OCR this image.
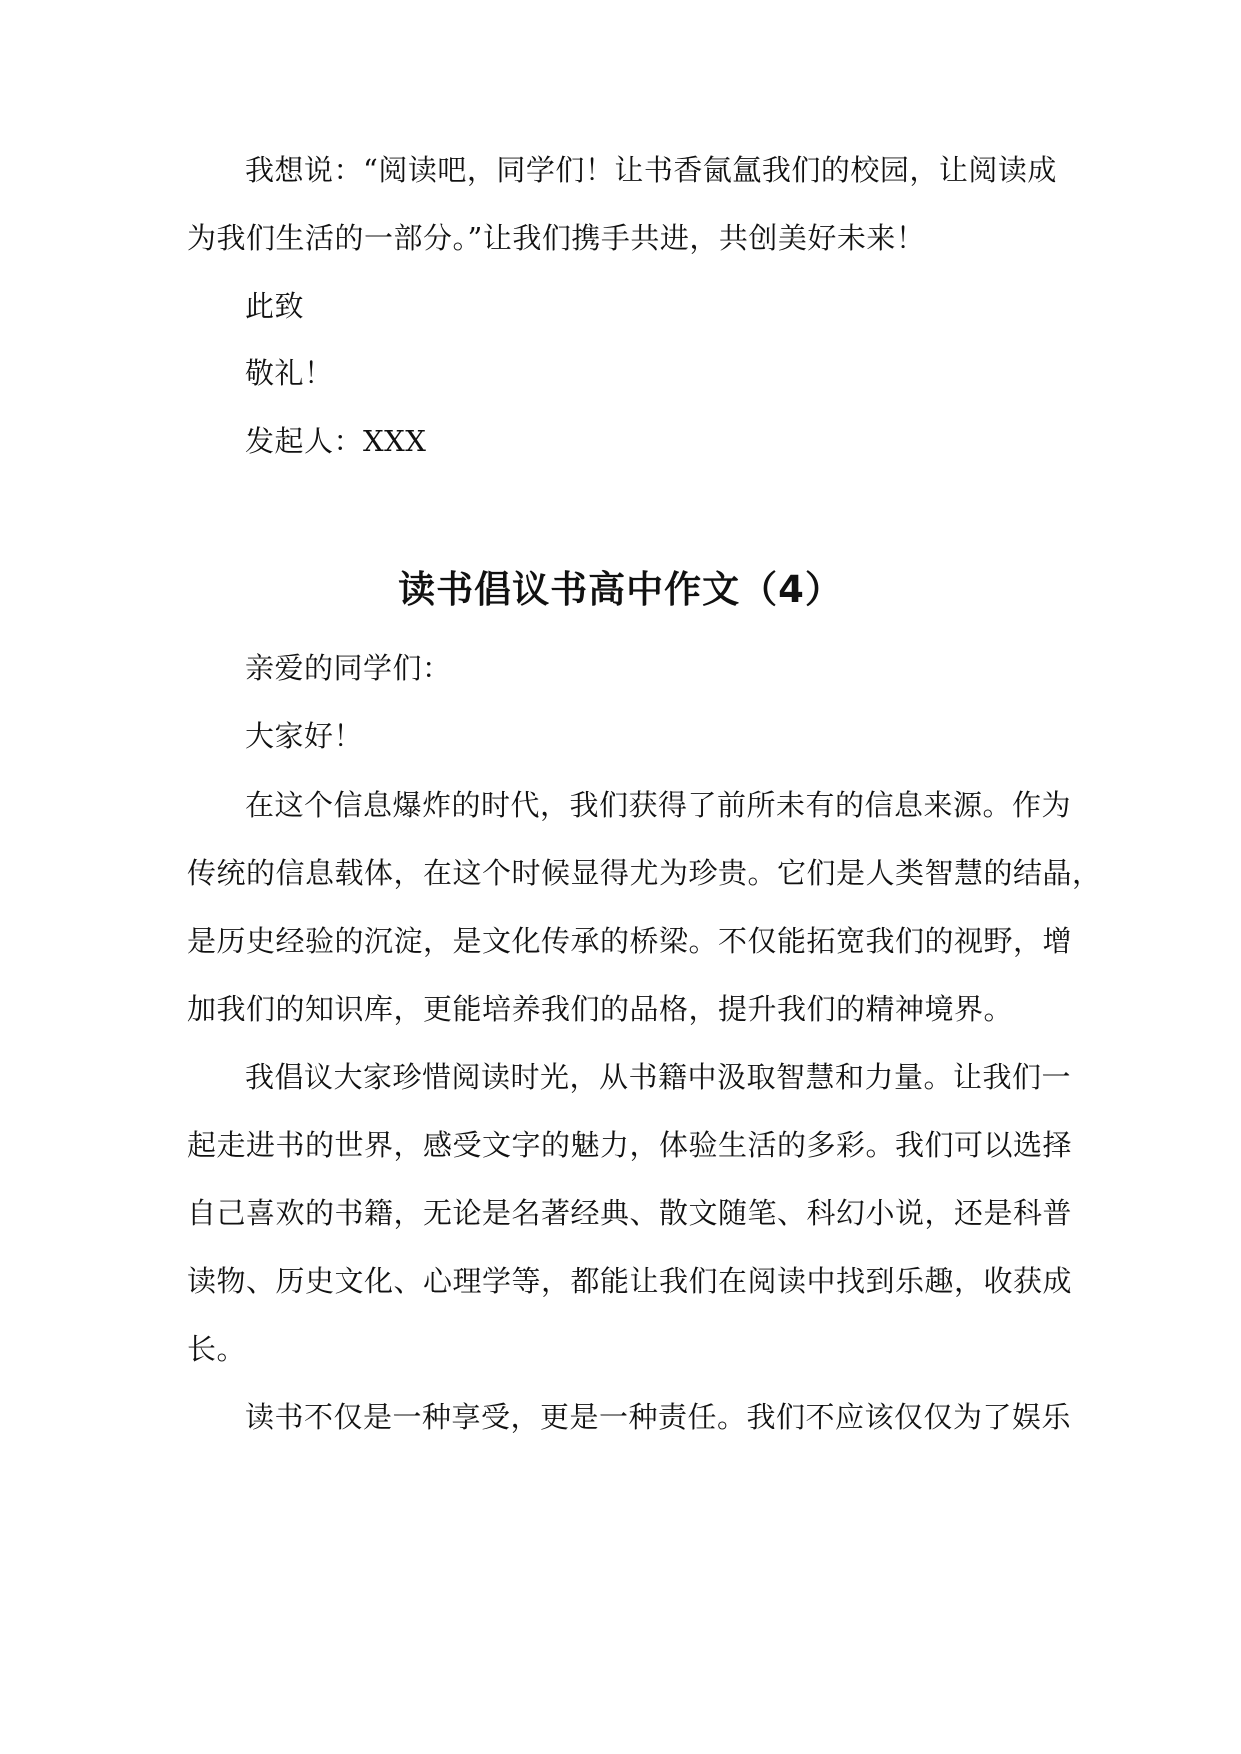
我想说：“阅读吧，同学们！让书香氤氲我们的校园，让阅读成
为我们生活的一部分。”让我们携手共进，共创美好未来！
此致
敬礼！
发起人：XXX
读书倡议书高中作文（4）
亲爱的同学们：
大家好！
在这个信息爆炸的时代，我们获得了前所未有的信息来源。作为
传统的信息载体，在这个时候显得尤为珍贵。它们是人类智慧的结晶，
是历史经验的沉淀，是文化传承的桥梁。不仅能拓宽我们的视野，增
加我们的知识库，更能培养我们的品格，提升我们的精神境界。
我倡议大家珍惜阅读时光，从书籍中汲取智慧和力量。让我们一
起走进书的世界，感受文字的魅力，体验生活的多彩。我们可以选择
自己喜欢的书籍，无论是名著经典、散文随笔、科幻小说，还是科普
读物、历史文化、心理学等，都能让我们在阅读中找到乐趣，收获成
长。
读书不仅是一种享受，更是一种责任。我们不应该仅仅为了娱乐
